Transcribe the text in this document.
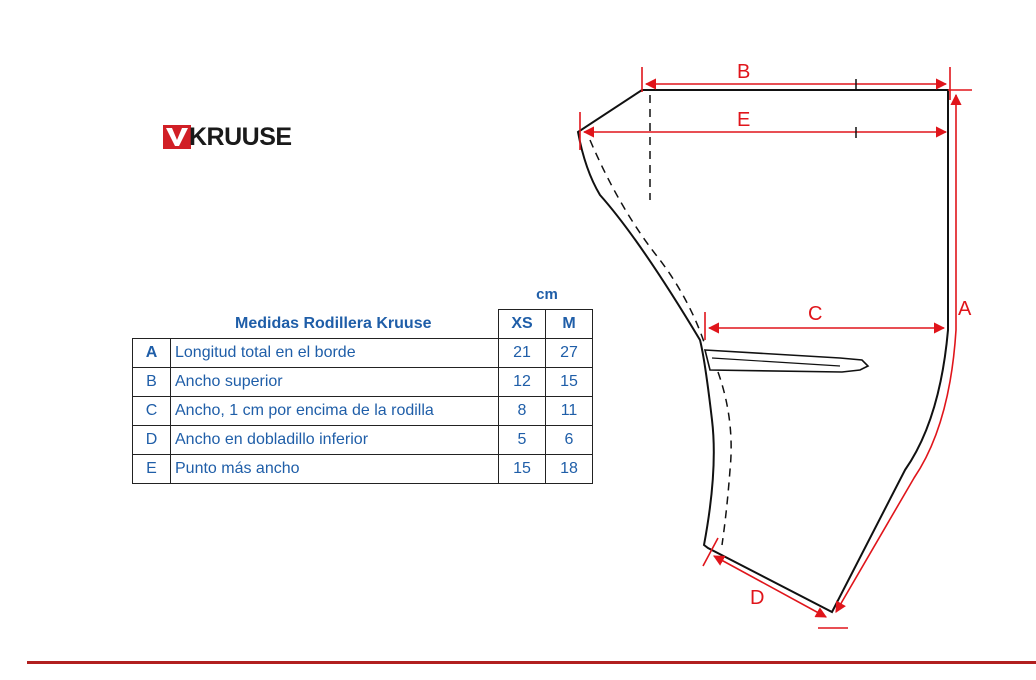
KRUUSE
cm
Medidas Rodillera Kruuse		XS	M
A	Longitud total en el borde	21	27
B	Ancho superior	12	15
C	Ancho, 1 cm por encima de la rodilla	8	11
D	Ancho en dobladillo inferior	5	6
E	Punto más ancho	15	18
B
E
C	A
D
